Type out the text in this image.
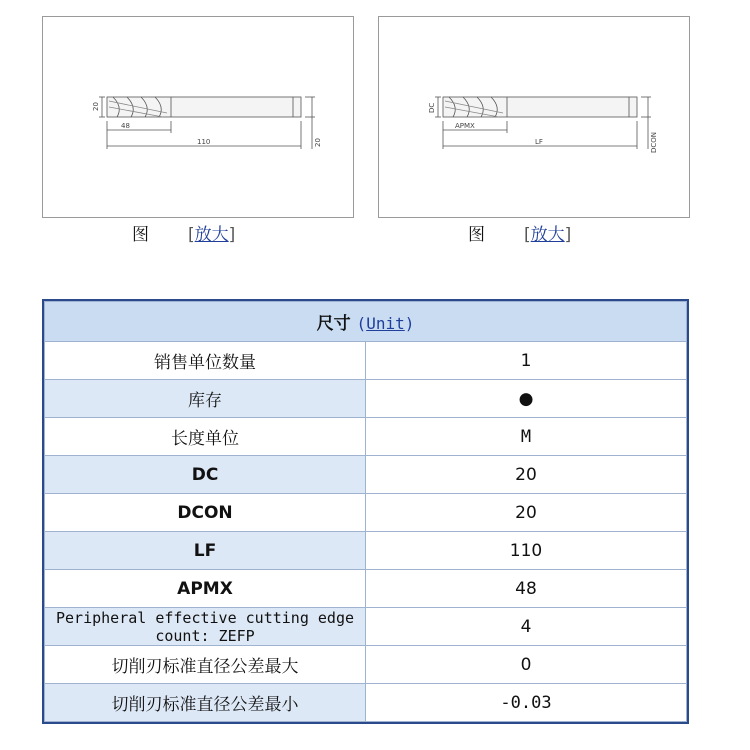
20
48
110	20
图 [放大]
DC
APMX
LF	DCON
图 [放大]
尺寸 (Unit)	
销售单位数量	1
库存	●
长度单位	M
DC	20
DCON	20
LF	110
APMX	48
Peripheral effective cutting edge count: ZEFP	4
切削刃标准直径公差最大	0
切削刃标准直径公差最小	-0.03
